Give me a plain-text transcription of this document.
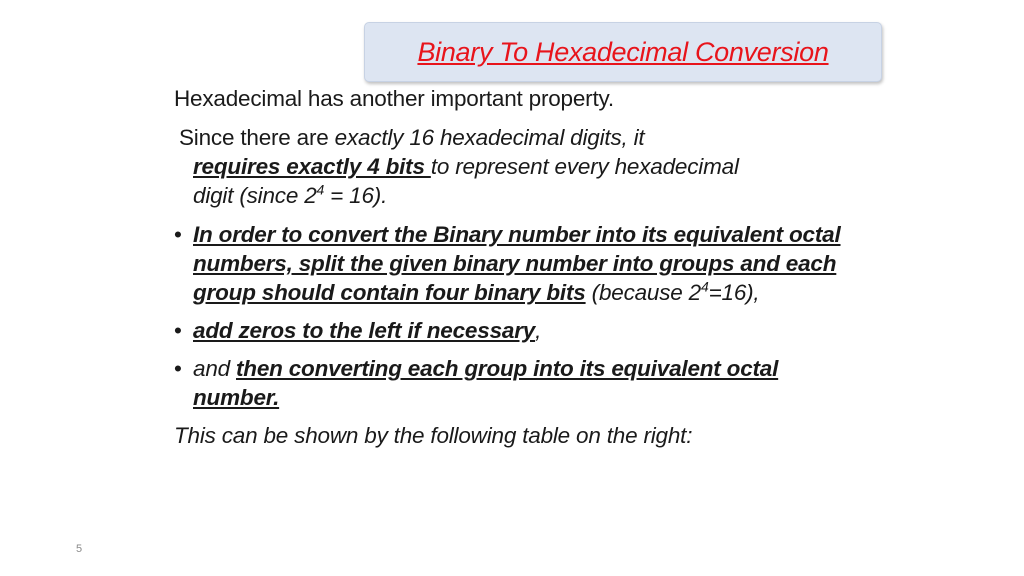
Binary To Hexadecimal Conversion

Hexadecimal has another important property.

Since there are exactly 16 hexadecimal digits, it
requires exactly 4 bits to represent every hexadecimal
digit (since $2^4 = 16$).

• In order to convert the Binary number into its equivalent octal numbers, split the given binary number into groups and each group should contain four binary bits (because $2^4=16$),
• add zeros to the left if necessary,
• and then converting each group into its equivalent octal number.

This can be shown by the following table on the right:

5
